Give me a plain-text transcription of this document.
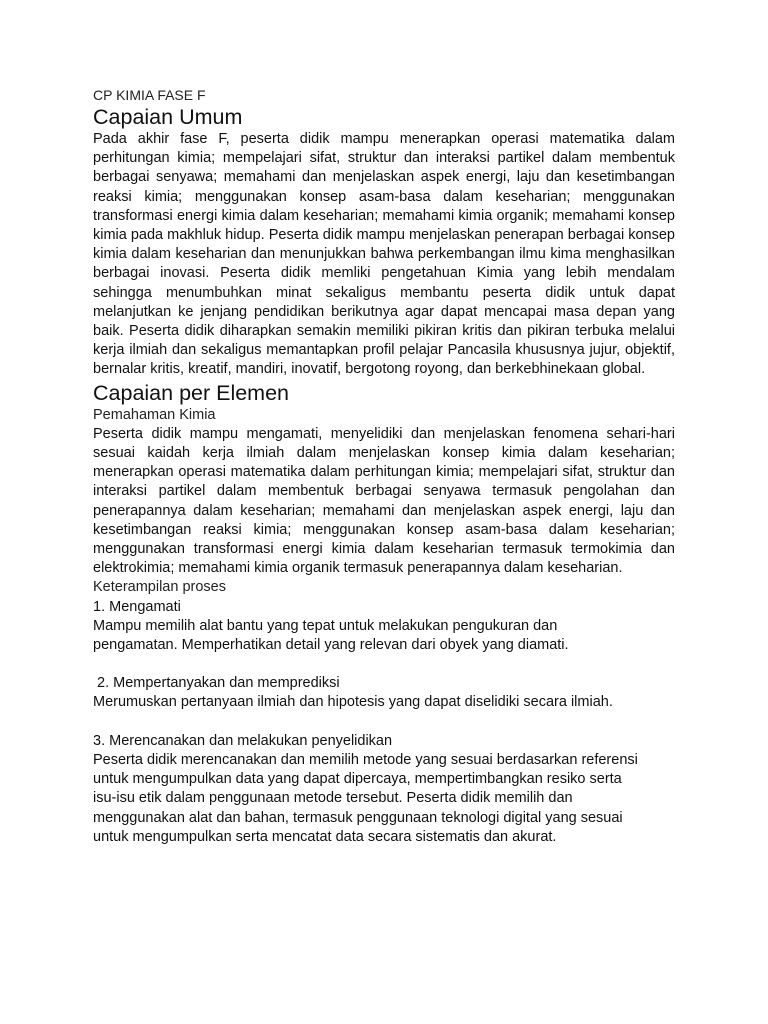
CP KIMIA FASE F
Capaian Umum
Pada akhir fase F, peserta didik mampu menerapkan operasi matematika dalam perhitungan kimia; mempelajari sifat, struktur dan interaksi partikel dalam membentuk berbagai senyawa; memahami dan menjelaskan aspek energi, laju dan kesetimbangan reaksi kimia; menggunakan konsep asam-basa dalam keseharian; menggunakan transformasi energi kimia dalam keseharian; memahami kimia organik; memahami konsep kimia pada makhluk hidup. Peserta didik mampu menjelaskan penerapan berbagai konsep kimia dalam keseharian dan menunjukkan bahwa perkembangan ilmu kima menghasilkan berbagai inovasi. Peserta didik memliki pengetahuan Kimia yang lebih mendalam sehingga menumbuhkan minat sekaligus membantu peserta didik untuk dapat melanjutkan ke jenjang pendidikan berikutnya agar dapat mencapai masa depan yang baik. Peserta didik diharapkan semakin memiliki pikiran kritis dan pikiran terbuka melalui kerja ilmiah dan sekaligus memantapkan profil pelajar Pancasila khususnya jujur, objektif, bernalar kritis, kreatif, mandiri, inovatif, bergotong royong, dan berkebhinekaan global.
Capaian per Elemen
Pemahaman Kimia
Peserta didik mampu mengamati, menyelidiki dan menjelaskan fenomena sehari-hari sesuai kaidah kerja ilmiah dalam menjelaskan konsep kimia dalam keseharian; menerapkan operasi matematika dalam perhitungan kimia; mempelajari sifat, struktur dan interaksi partikel dalam membentuk berbagai senyawa termasuk pengolahan dan penerapannya dalam keseharian; memahami dan menjelaskan aspek energi, laju dan kesetimbangan reaksi kimia; menggunakan konsep asam-basa dalam keseharian; menggunakan transformasi energi kimia dalam keseharian termasuk termokimia dan elektrokimia; memahami kimia organik termasuk penerapannya dalam keseharian.
Keterampilan proses
1. Mengamati
Mampu memilih alat bantu yang tepat untuk melakukan pengukuran dan
pengamatan. Memperhatikan detail yang relevan dari obyek yang diamati.
2. Mempertanyakan dan memprediksi
Merumuskan pertanyaan ilmiah dan hipotesis yang dapat diselidiki secara ilmiah.
3. Merencanakan dan melakukan penyelidikan
Peserta didik merencanakan dan memilih metode yang sesuai berdasarkan referensi
untuk mengumpulkan data yang dapat dipercaya, mempertimbangkan resiko serta
isu-isu etik dalam penggunaan metode tersebut. Peserta didik memilih dan
menggunakan alat dan bahan, termasuk penggunaan teknologi digital yang sesuai
untuk mengumpulkan serta mencatat data secara sistematis dan akurat.
